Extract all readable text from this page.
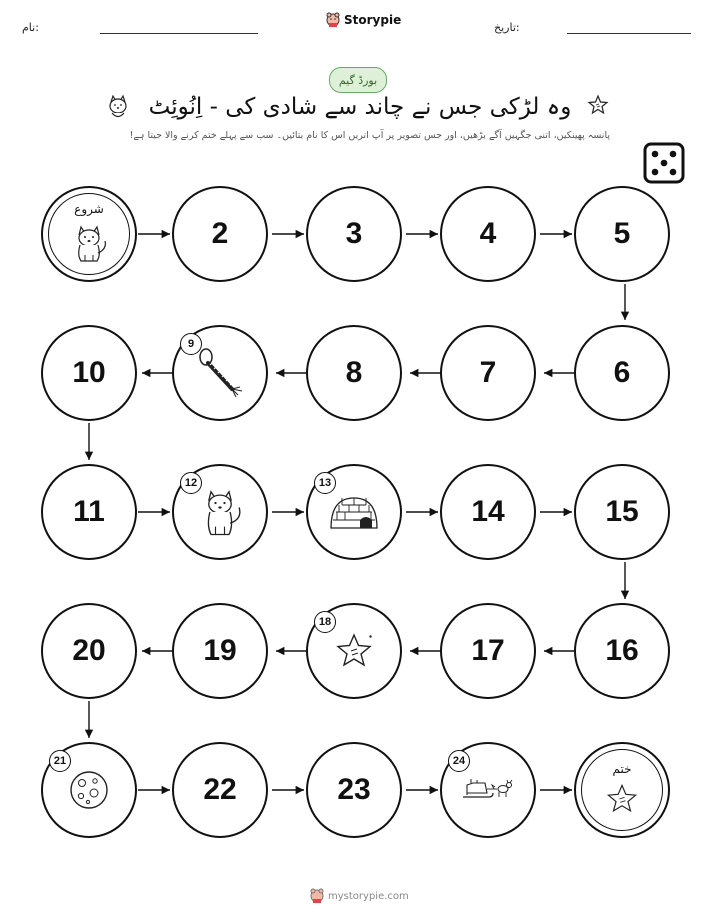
نام:
Storypie
تاریخ:
بورڈ گیم
وہ لڑکی جس نے چاند سے شادی کی - اِنُوئِٹ
پانسہ پھینکیں، اتنی جگہیں آگے بڑھیں، اور جس تصویر پر آپ اتریں اس کا نام بتائیں۔ سب سے پہلے ختم کرنے والا جیتا ہے!
شروع
2	3	4	5
6
7
8
9
10
11
12	13
14	15
16
17
18
19
20
21
22	23
24
ختم
mystorypie.com
